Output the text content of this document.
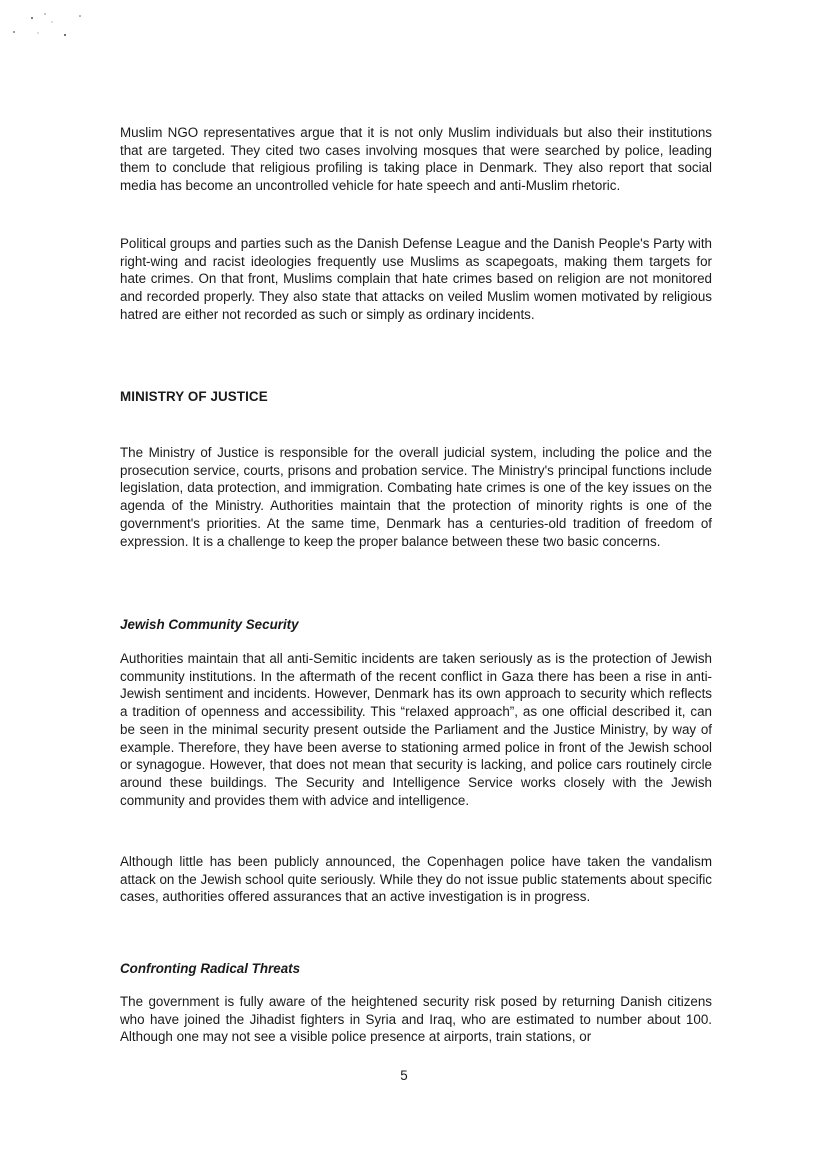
Muslim NGO representatives argue that it is not only Muslim individuals but also their institutions that are targeted. They cited two cases involving mosques that were searched by police, leading them to conclude that religious profiling is taking place in Denmark. They also report that social media has become an uncontrolled vehicle for hate speech and anti-Muslim rhetoric.

Political groups and parties such as the Danish Defense League and the Danish People's Party with right-wing and racist ideologies frequently use Muslims as scapegoats, making them targets for hate crimes. On that front, Muslims complain that hate crimes based on religion are not monitored and recorded properly. They also state that attacks on veiled Muslim women motivated by religious hatred are either not recorded as such or simply as ordinary incidents.

MINISTRY OF JUSTICE

The Ministry of Justice is responsible for the overall judicial system, including the police and the prosecution service, courts, prisons and probation service. The Ministry's principal functions include legislation, data protection, and immigration. Combating hate crimes is one of the key issues on the agenda of the Ministry. Authorities maintain that the protection of minority rights is one of the government's priorities. At the same time, Denmark has a centuries-old tradition of freedom of expression. It is a challenge to keep the proper balance between these two basic concerns.

Jewish Community Security

Authorities maintain that all anti-Semitic incidents are taken seriously as is the protection of Jewish community institutions. In the aftermath of the recent conflict in Gaza there has been a rise in anti-Jewish sentiment and incidents. However, Denmark has its own approach to security which reflects a tradition of openness and accessibility. This “relaxed approach”, as one official described it, can be seen in the minimal security present outside the Parliament and the Justice Ministry, by way of example. Therefore, they have been averse to stationing armed police in front of the Jewish school or synagogue. However, that does not mean that security is lacking, and police cars routinely circle around these buildings. The Security and Intelligence Service works closely with the Jewish community and provides them with advice and intelligence.

Although little has been publicly announced, the Copenhagen police have taken the vandalism attack on the Jewish school quite seriously. While they do not issue public statements about specific cases, authorities offered assurances that an active investigation is in progress.

Confronting Radical Threats

The government is fully aware of the heightened security risk posed by returning Danish citizens who have joined the Jihadist fighters in Syria and Iraq, who are estimated to number about 100. Although one may not see a visible police presence at airports, train stations, or

5
